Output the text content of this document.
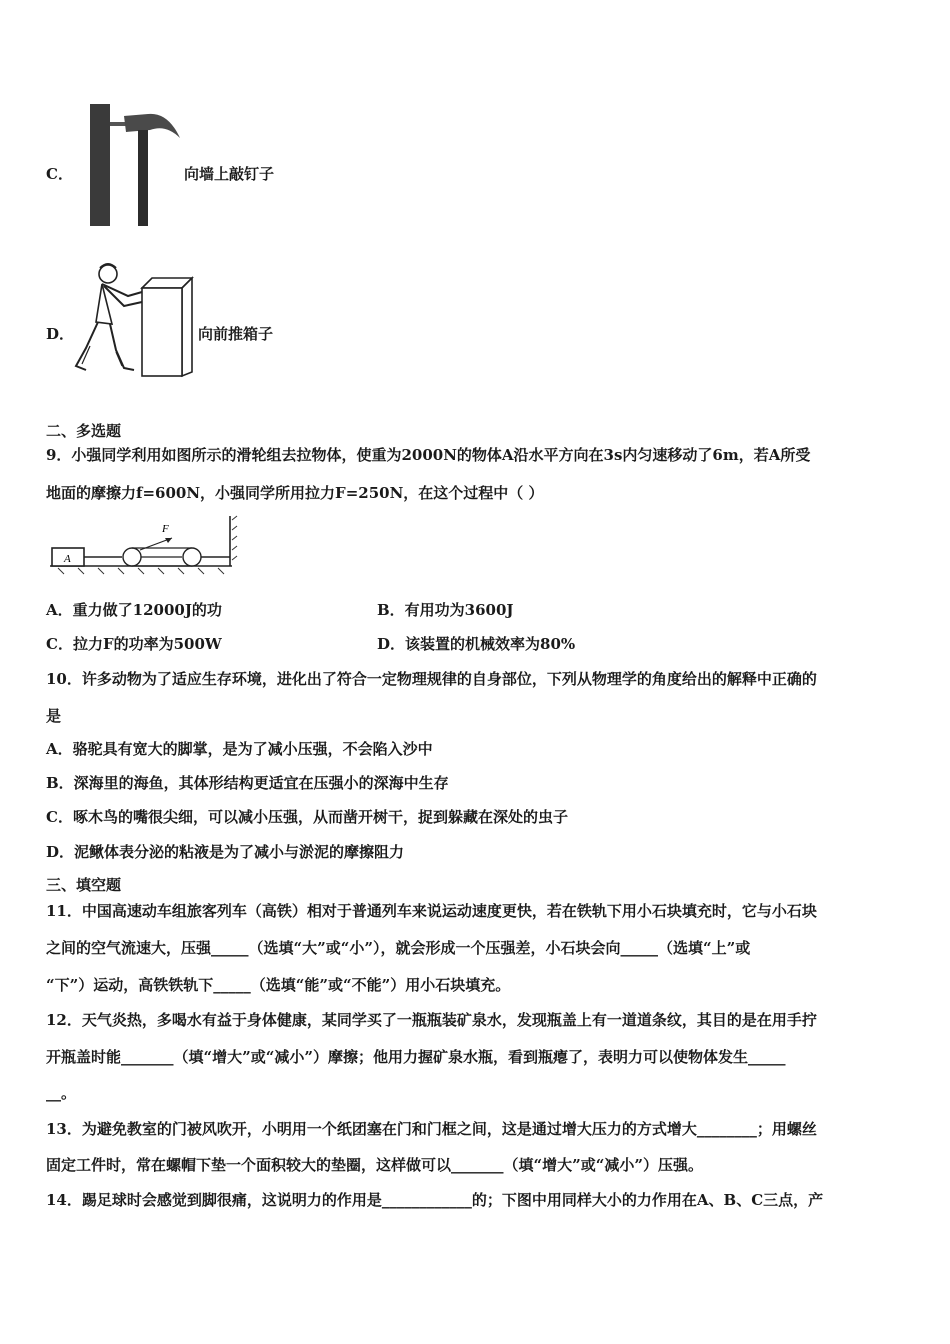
C．	向墙上敲钉子
D．	向前推箱子
二、多选题
9．小强同学利用如图所示的滑轮组去拉物体，使重为2000N的物体A沿水平方向在3s内匀速移动了6m，若A所受
地面的摩擦力f=600N，小强同学所用拉力F=250N，在这个过程中（ ）
A
F
A．重力做了12000J的功	B．有用功为3600J
C．拉力F的功率为500W	D．该装置的机械效率为80%
10．许多动物为了适应生存环境，进化出了符合一定物理规律的自身部位，下列从物理学的角度给出的解释中正确的
是
A．骆驼具有宽大的脚掌，是为了减小压强，不会陷入沙中
B．深海里的海鱼，其体形结构更适宜在压强小的深海中生存
C．啄木鸟的嘴很尖细，可以减小压强，从而凿开树干，捉到躲藏在深处的虫子
D．泥鳅体表分泌的粘液是为了减小与淤泥的摩擦阻力
三、填空题
11．中国高速动车组旅客列车（高铁）相对于普通列车来说运动速度更快，若在铁轨下用小石块填充时，它与小石块
之间的空气流速大，压强_____（选填“大”或“小”），就会形成一个压强差，小石块会向_____（选填“上”或
“下”）运动，高铁铁轨下_____（选填“能”或“不能”）用小石块填充。
12．天气炎热，多喝水有益于身体健康，某同学买了一瓶瓶装矿泉水，发现瓶盖上有一道道条纹，其目的是在用手拧
开瓶盖时能_______（填“增大”或“减小”）摩擦；他用力握矿泉水瓶，看到瓶瘪了，表明力可以使物体发生_____
__。
13．为避免教室的门被风吹开，小明用一个纸团塞在门和门框之间，这是通过增大压力的方式增大________；用螺丝
固定工件时，常在螺帽下垫一个面积较大的垫圈，这样做可以_______（填“增大”或“减小”）压强。
14．踢足球时会感觉到脚很痛，这说明力的作用是____________的；下图中用同样大小的力作用在A、B、C三点，产
